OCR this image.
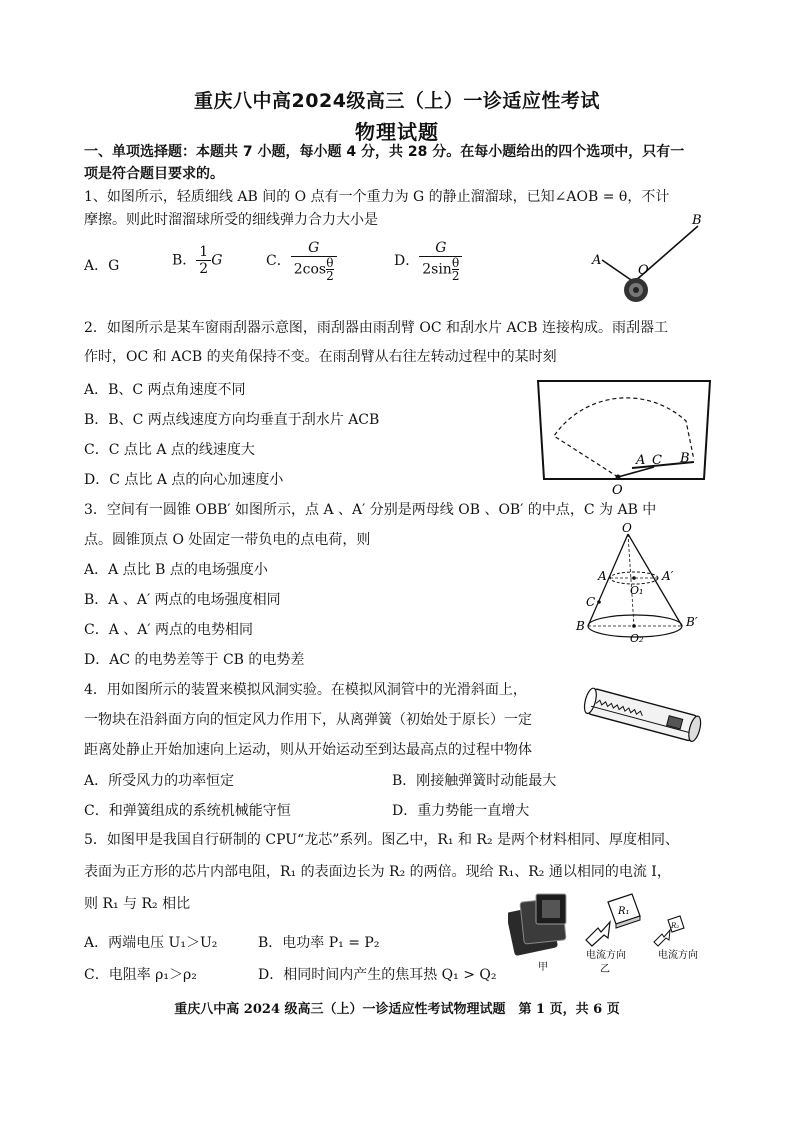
重庆八中高2024级高三（上）一诊适应性考试
物理试题
一、单项选择题：本题共 7 小题，每小题 4 分，共 28 分。在每小题给出的四个选项中，只有一
项是符合题目要求的。
1、如图所示，轻质细线 AB 间的 O 点有一个重力为 G 的静止溜溜球，已知∠AOB = θ，不计
摩擦。则此时溜溜球所受的细线弹力合力大小是
A．G	B． $\frac{1}{2}$ G	C． $\frac{G}{2\cos \frac{\theta}{2}}$	D． $\frac{G}{2\sin \frac{\theta}{2}}$	A
B
O
2．如图所示是某车窗雨刮器示意图，雨刮器由雨刮臂 OC 和刮水片 ACB 连接构成。雨刮器工
作时，OC 和 ACB 的夹角保持不变。在雨刮臂从右往左转动过程中的某时刻
A．B、C 两点角速度不同
B．B、C 两点线速度方向均垂直于刮水片 ACB
C．C 点比 A 点的线速度大
D．C 点比 A 点的向心加速度小
A C B
O
3．空间有一圆锥 OBB′ 如图所示，点 A 、A′ 分别是两母线 OB 、OB′ 的中点，C 为 AB 中
点。圆锥顶点 O 处固定一带负电的点电荷，则
A．A 点比 B 点的电场强度小
B．A 、A′ 两点的电场强度相同
C．A 、A′ 两点的电势相同
D．AC 的电势差等于 CB 的电势差
O
A	A′
O₁
C
B	B′
O₂
4．用如图所示的装置来模拟风洞实验。在模拟风洞管中的光滑斜面上，
一物块在沿斜面方向的恒定风力作用下，从离弹簧（初始处于原长）一定
距离处静止开始加速向上运动，则从开始运动至到达最高点的过程中物体
A．所受风力的功率恒定	B．刚接触弹簧时动能最大
C．和弹簧组成的系统机械能守恒	D．重力势能一直增大
5．如图甲是我国自行研制的 CPU“龙芯”系列。图乙中，R₁ 和 R₂ 是两个材料相同、厚度相同、
表面为正方形的芯片内部电阻，R₁ 的表面边长为 R₂ 的两倍。现给 R₁、R₂ 通以相同的电流 I，
则 R₁ 与 R₂ 相比
A．两端电压 U₁＞U₂	B．电功率 P₁ = P₂
C．电阻率 ρ₁＞ρ₂	D．相同时间内产生的焦耳热 Q₁ > Q₂	甲
R₁
电流方向
乙
R₂
电流方向
重庆八中高 2024 级高三（上）一诊适应性考试物理试题　第 1 页，共 6 页
